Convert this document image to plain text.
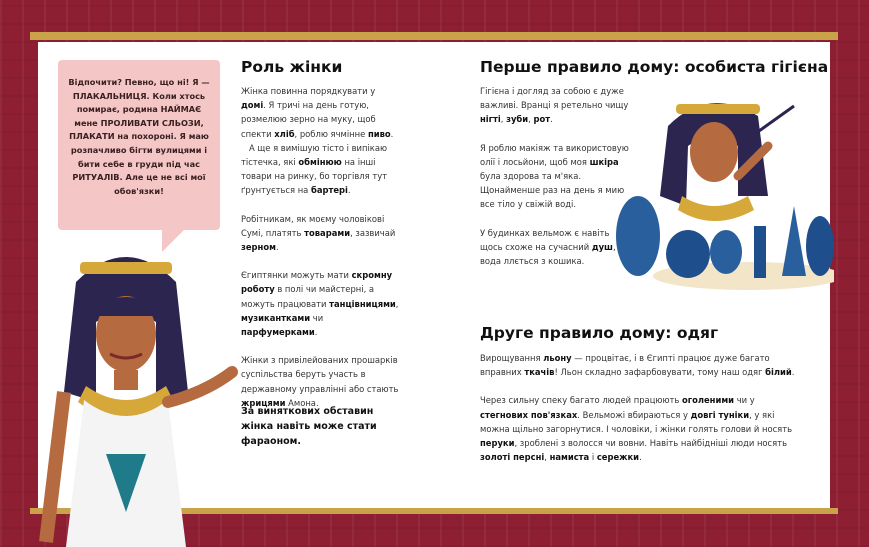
Відпочити? Певно, що ні! Я — ПЛАКАЛЬНИЦЯ. Коли хтось помирає, родина НАЙМАЄ мене ПРОЛИВАТИ СЛЬОЗИ, ПЛАКАТИ на похороні. Я маю розпачливо бігти вулицями і бити себе в груди під час РИТУАЛІВ. Але це не всі мої обов'язки!
Роль жінки

Жінка повинна порядкувати у домі. Я тричі на день готую, розмелюю зерно на муку, щоб спекти хліб, роблю ячмінне пиво.
А ще я вимішую тісто і випікаю тістечка, які обмінюю на інші товари на ринку, бо торгівля тут ґрунтується на бартері.

Робітникам, як моєму чоловікові Сумі, платять товарами, зазвичай зерном.

Єгиптянки можуть мати скромну роботу в полі чи майстерні, а можуть працювати танцівницями, музикантками чи парфумерками.

Жінки з привілейованих прошарків суспільства беруть участь в державному управлінні або стають жрицями Амона.

За виняткових обставин жінка навіть може стати фараоном.
Перше правило дому: особиста гігієна

Гігієна і догляд за собою є дуже важливі. Вранці я ретельно чищу нігті, зуби, рот.

Я роблю макіяж та використовую олії і лосьйони, щоб моя шкіра була здорова та м'яка. Щонайменше раз на день я мию все тіло у свіжій воді.

У будинках вельмож є навіть щось схоже на сучасний душ, вода ллється з кошика.

Друге правило дому: одяг

Вирощування льону — процвітає, і в Єгипті працює дуже багато вправних ткачів! Льон складно зафарбовувати, тому наш одяг білий.

Через сильну спеку багато людей працюють оголеними чи у стегнових пов'язках. Вельможі вбираються у довгі туніки, у які можна щільно загорнутися. І чоловіки, і жінки голять голови й носять перуки, зроблені з волосся чи вовни. Навіть найбідніші люди носять золоті персні, намиста і сережки.
